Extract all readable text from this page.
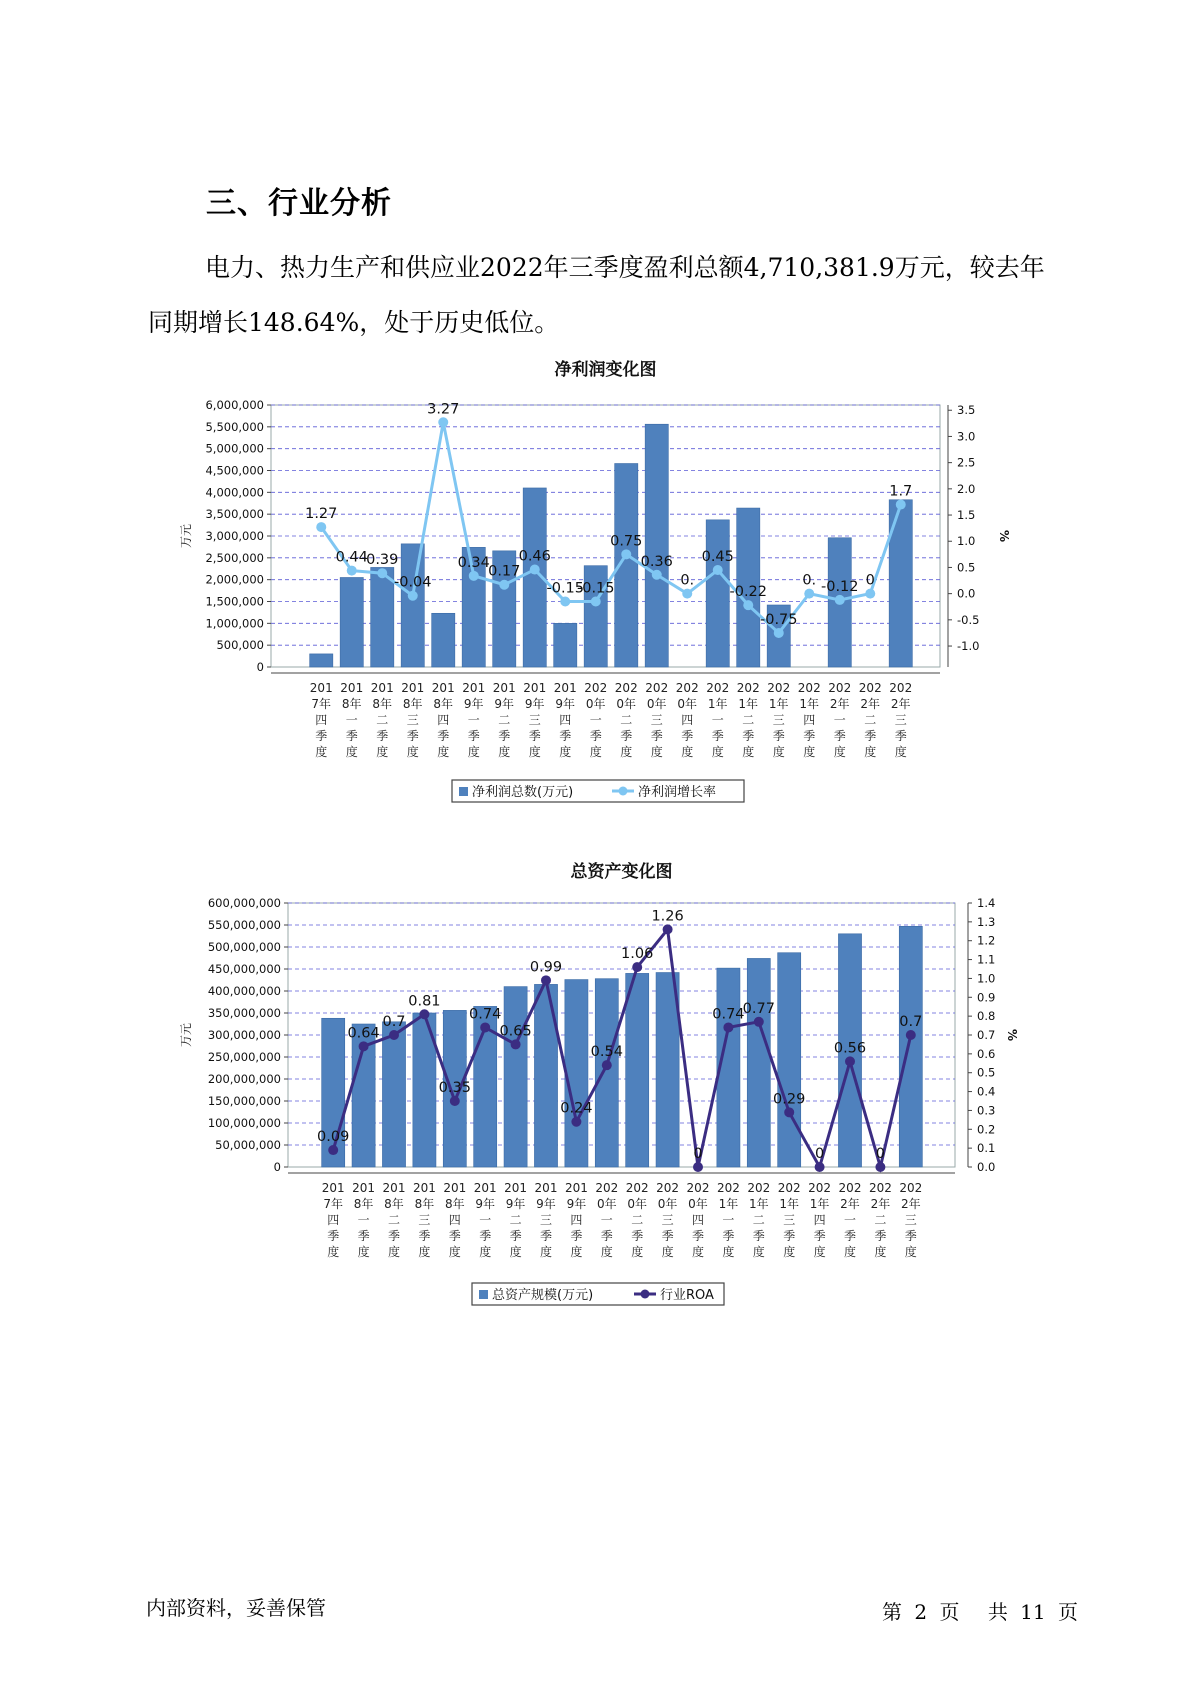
三、行业分析
电力、热力生产和供应业2022年三季度盈利总额4,710,381.9万元，较去年同期增长148.64%，处于历史低位。
净利润变化图
0
500,000
1,000,000
1,500,000
2,000,000
2,500,000
3,000,000
3,500,000
4,000,000
4,500,000
5,000,000
5,500,000
6,000,000
-1.0
-0.5
0.0
0.5
1.0
1.5
2.0
2.5
3.0
3.5
万元	%
1.27
0.44
0.39
-0.04
3.27
0.34
0.17
0.46
-0.15
-0.15
0.75
0.36
0.
0.45
-0.22
-0.75
0. -0.12 0
1.7
201 7年四季度
201 8年一季度
201 8年二季度
201 8年三季度
201 8年四季度
201 9年一季度
201 9年二季度
201 9年三季度
201 9年四季度
202 0年一季度
202 0年二季度
202 0年三季度
202 0年四季度
202 1年一季度
202 1年二季度
202 1年三季度
202 1年四季度
202 2年一季度
202 2年二季度
202 2年三季度
净利润总数(万元)	净利润增长率
总资产变化图
0
50,000,000
100,000,000
150,000,000
200,000,000
250,000,000
300,000,000
350,000,000
400,000,000
450,000,000
500,000,000
550,000,000
600,000,000
0.0
0.1
0.2
0.3
0.4
0.5
0.6
0.7
0.8
0.9
1.0
1.1
1.2
1.3
1.4
万元	%
0.09
0.64
0.7
0.81
0.35
0.74
0.65
0.99
0.24
0.54
1.06
1.26
0
0.74
0.77
0.29
0
0.56
0
0.7
201 7年四季度
201 8年一季度
201 8年二季度
201 8年三季度
201 8年四季度
201 9年一季度
201 9年二季度
201 9年三季度
201 9年四季度
202 0年一季度
202 0年二季度
202 0年三季度
202 0年四季度
202 1年一季度
202 1年二季度
202 1年三季度
202 1年四季度
202 2年一季度
202 2年二季度
202 2年三季度
总资产规模(万元)	行业ROA
内部资料，妥善保管	第 2 页 共 11 页
